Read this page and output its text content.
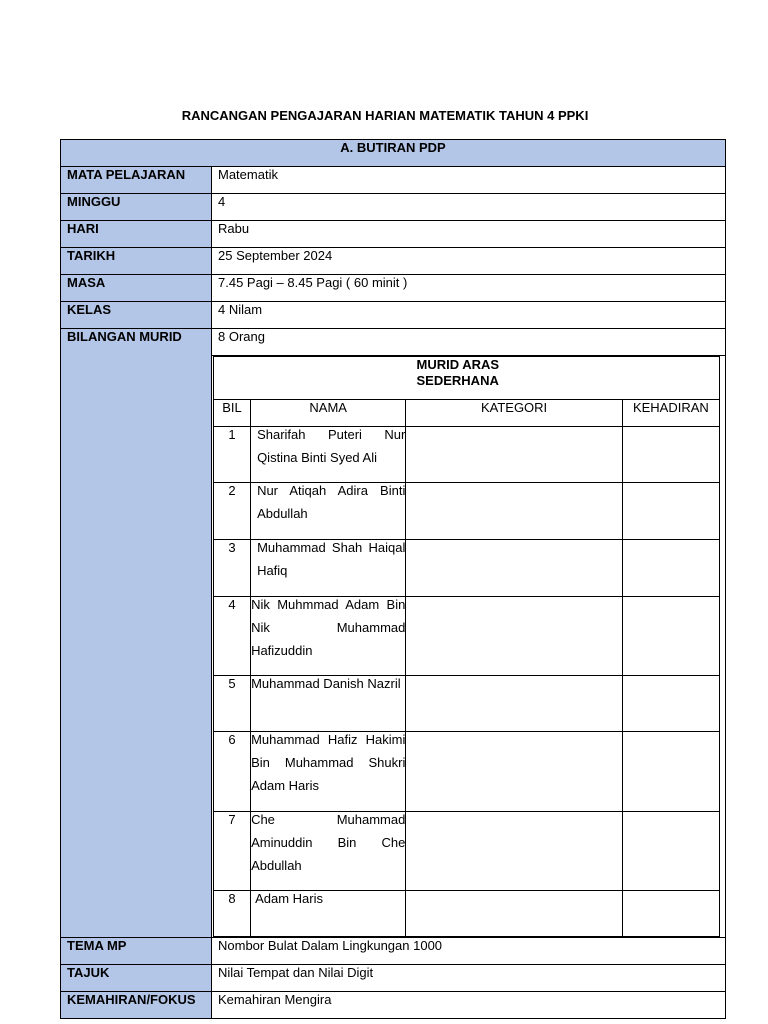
RANCANGAN PENGAJARAN HARIAN MATEMATIK TAHUN 4 PPKI
A. BUTIRAN PDP

MATA PELAJARAN	Matematik

MINGGU	4

HARI	Rabu

TARIKH	25 September 2024

MASA	7.45 Pagi – 8.45 Pagi ( 60 minit )

KELAS	4 Nilam

BILANGAN MURID	8 Orang

MURID ARAS
SEDERHANA

BIL	NAMA	KATEGORI	KEHADIRAN
1	Sharifah Puteri Nur Qistina Binti Syed Ali

2	Nur Atiqah Adira Binti Abdullah

3	Muhammad Shah Haiqal Hafiq

4	Nik Muhmmad Adam Bin Nik Muhammad Hafizuddin

5	Muhammad Danish Nazril

6	Muhammad Hafiz Hakimi Bin Muhammad Shukri Adam Haris

7	Che Muhammad Aminuddin Bin Che Abdullah

8	Adam Haris

TEMA MP	Nombor Bulat Dalam Lingkungan 1000

TAJUK	Nilai Tempat dan Nilai Digit

KEMAHIRAN/FOKUS	Kemahiran Mengira
